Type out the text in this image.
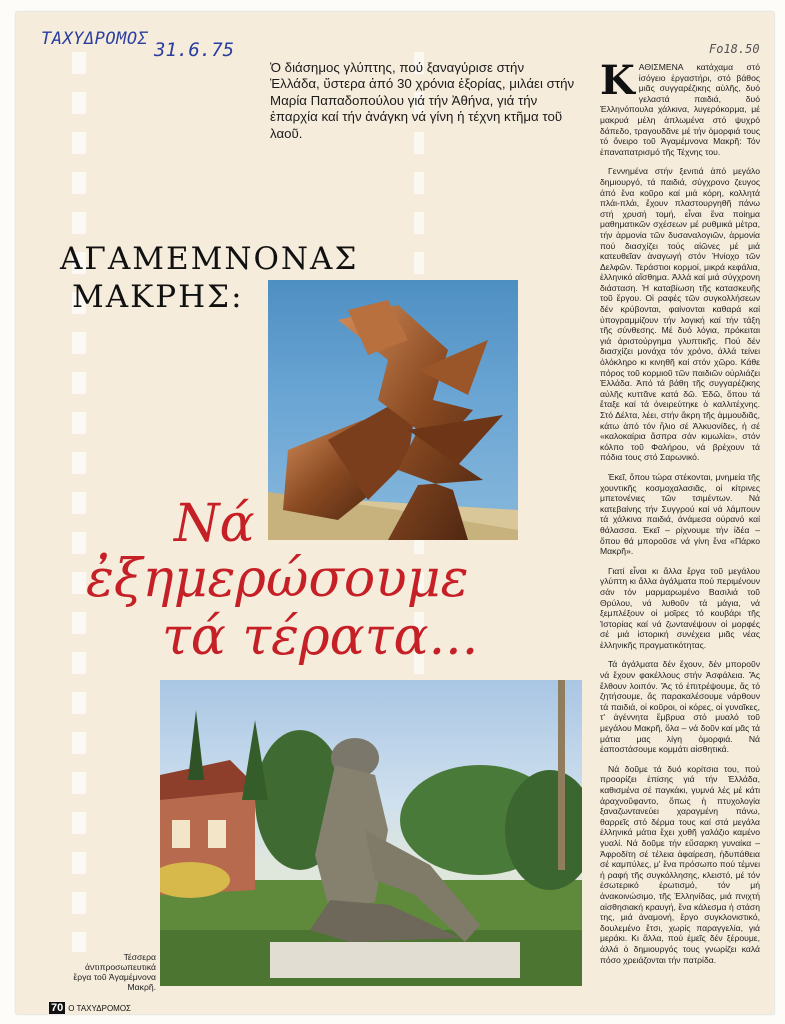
ΤΑΧΥΔΡΟΜΟΣ 31.6.75	Fo18.50
Ὁ διάσημος γλύπτης, πού ξαναγύρισε στήν Ἑλλάδα, ὕστερα ἀπό 30 χρόνια ἐξορίας, μιλάει στήν Μαρία Παπαδοπούλου γιά τήν Ἀθήνα, γιά τήν ἐπαρχία καί τήν ἀνάγκη νά γίνη ἡ τέχνη κτῆμα τοῦ λαοῦ.
ΑΓΑΜΕΜΝΟΝΑΣ
ΜΑΚΡΗΣ:
Νά
ἐξημερώσουμε
τά τέρατα...
Τέσσερα ἀντιπροσωπευτικά ἔργα τοῦ Ἀγαμέμνονα Μακρῆ.

ΚΑΘΙΣΜΕΝΑ κατάχαμα στό ἰσόγειο ἐργαστήρι, στό βάθος μιᾶς συγγαρέζικης αὐλῆς, δυό γελαστά παιδιά, δυό Ἑλληνόπουλα χάλκινα, λυγερόκορμα, μέ μακρυά μέλη ἁπλωμένα στό ψυχρό δάπεδο, τραγουδᾶνε μέ τήν ὀμορφιά τους τό ὄνειρο τοῦ Ἀγαμέμνονα Μακρῆ: Τόν ἐπαναπατρισμό τῆς Τέχνης του.

Γεννημένα στήν ξενιτιά ἀπό μεγάλο δημιουργό, τά παιδιά, σύγχρονο ζευγος ἀπό ἕνα κοῦρο καί μιά κόρη, κολλητά πλάι-πλάι, ἔχουν πλαστουργηθῆ πάνω στή χρυσή τομή, εἶναι ἕνα ποίημα μαθηματικῶν σχέσεων μέ ρυθμικά μέτρα, τήν ἁρμονία τῶν δυσαναλογιῶν, ἁρμονία πού διασχίζει τούς αἰῶνες μέ μιά κατευθεῖαν ἀναγωγή στόν Ἡνίοχο τῶν Δελφῶν. Τεράστιοι κορμοί, μικρά κεφάλια, ἑλληνικό αἴσθημα. Ἀλλά καί μιά σύγχρονη διάσταση. Ἡ καταβίωση τῆς κατασκευῆς τοῦ ἔργου. Οἱ ραφές τῶν συγκολλήσεων δέν κρύβονται, φαίνονται καθαρά καί ὑπογραμμίζουν τήν λογική καί τήν τάξη τῆς σύνθεσης. Μέ δυό λόγια, πρόκειται γιά ἀριστούργημα γλυπτικῆς. Πού δέν διασχίζει μονάχα τόν χρόνο, ἀλλά τείνει ὁλόκληρο κι κινηθῆ καί στόν χῶρο. Κάθε πόρος τοῦ κορμιοῦ τῶν παιδιῶν οὐρλιάζει Ἑλλάδα. Ἀπό τά βάθη τῆς συγγαρέζικης αὐλῆς κυττᾶνε κατά δῶ. Ἐδῶ, ὅπου τά ἔταξε καί τά ὀνειρεύτηκε ὁ καλλιτέχνης. Στό Δέλτα, λέει, στήν ἄκρη τῆς ἀμμουδιᾶς, κάτω ἀπό τόν ἥλιο σέ Ἀλκυονίδες, ἡ σέ «καλοκαίρια ἄσπρα σάν κιμωλία», στόν κόλπο τοῦ Φαλήρου, νά βρέχουν τά πόδια τους στό Σαρωνικό.

Ἐκεῖ, ὅπου τώρα στέκονται, μνημεία τῆς χουντικῆς κοσμοχαλασιᾶς, οἱ κίτρινες μπετονένιες τῶν τσιμέντων. Νά κατεβαίνης τήν Συγγρού καί νά λάμπουν τά χάλκινα παιδιά, ἀνάμεσα οὐρανό καί θάλασσα. Ἐκεῖ – ρίχνουμε τήν ἰδέα – ὅπου θά μποροῦσε νά γίνη ἕνα «Πάρκο Μακρῆ».

Γιατί εἶναι κι ἄλλα ἔργα τοῦ μεγάλου γλύπτη κι ἄλλα ἀγάλματα πού περιμένουν σάν τόν μαρμαρωμένο Βασιλιά τοῦ Θρύλου, νά λυθοῦν τά μάγια, νά ξεμπλέξουν οἱ μοῖρες τό κουβάρι τῆς Ἱστορίας καί νά ζωντανέψουν οἱ μορφές σέ μιά ἱστορική συνέχεια μιᾶς νέας ἑλληνικῆς πραγματικότητας.

Τά ἀγάλματα δέν ἔχουν, δέν μποροῦν νά ἔχουν φακέλλους στήν Ἀσφάλεια. Ἄς ἔλθουν λοιπόν. Ἄς τό ἐπιτρέψουμε, ἄς τό ζητήσουμε, ἄς παρακαλέσουμε νάρθουν τά παιδιά, οἱ κοῦροι, οἱ κόρες, οἱ γυναῖκες, τ' ἀγέννητα ἔμβρυα στό μυαλό τοῦ μεγάλου Μακρῆ, ὅλα – νά δοῦν καί μᾶς τά μάτια μας λίγη ὀμορφιά. Νά ἐαποστάσουμε κομμάτι αἰσθητικά.

Νά δοῦμε τά δυό κορίτσια του, πού προορίζει ἐπίσης γιά τήν Ἑλλάδα, καθισμένα σέ παγκάκι, γυμνά λές μέ κάτι ἀραχνοΰφαντο, ὅπως ἡ πτυχολογία ξαναζωντανεύει χαραγμένη πάνω, θαρρεῖς στό δέρμα τους καί στά μεγάλα ἑλληνικά μάτια ἔχει χυθῆ γαλάζιο καμένο γυαλί. Νά δοῦμε τήν εὔσαρκη γυναίκα – Ἀφροδίτη σέ τέλεια ἀφαίρεση, ἡδυπάθεια σέ καμπύλες, μ' ἕνα πρόσωπο πού τέμνει ἡ ραφή τῆς συγκόλλησης, κλειστό, μέ τόν ἐσωτερικό ἐρωτισμό, τόν μή ἀνακοινώσιμο, τῆς Ἑλληνίδας, μιά πνιχτή αἰσθησιακή κραυγή, ἕνα κάλεσμα ἡ στάση της, μιά ἀναμονή, ἔργο συγκλονιστικό, δουλεμένο ἔτσι, χωρίς παραγγελία, γιά μεράκι. Κι ἄλλα, πού ἐμεῖς δέν ξέρουμε, ἀλλά ὁ δημιουργός τους γνωρίζει καλά πόσο χρειάζονται τήν πατρίδα.

70 Ο ΤΑΧΥΔΡΟΜΟΣ
